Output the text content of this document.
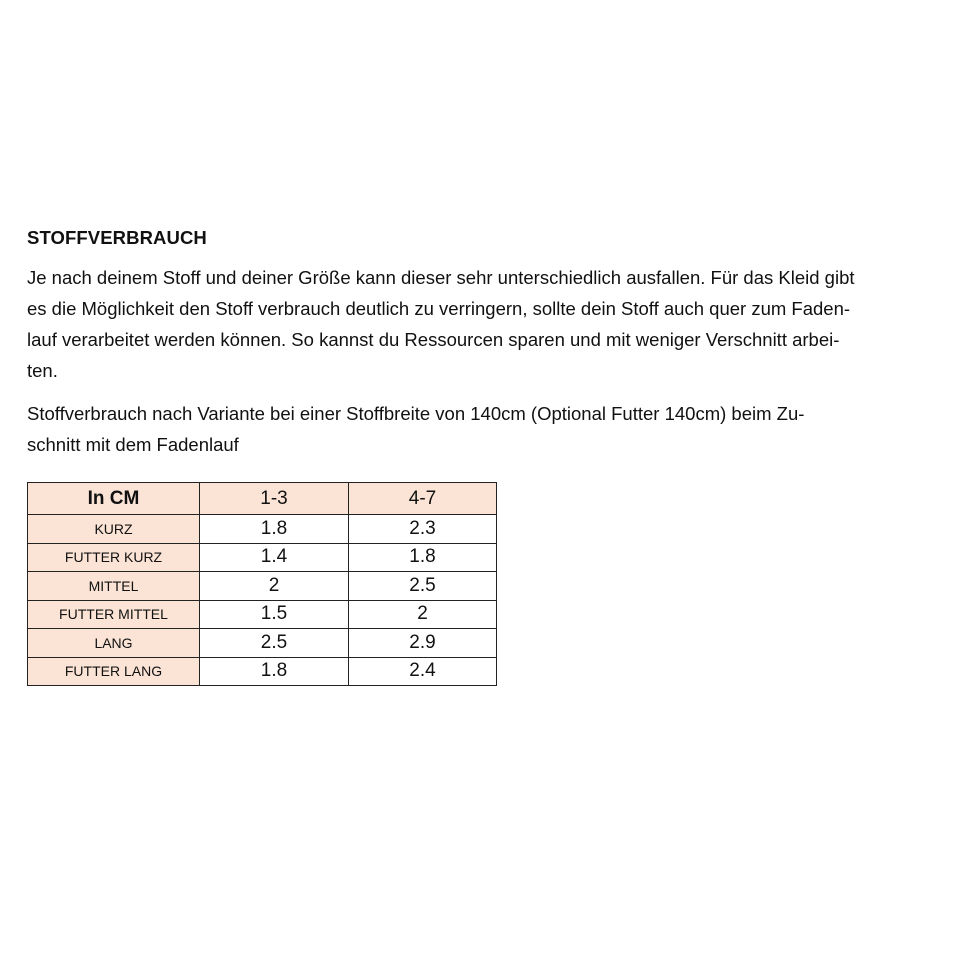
STOFFVERBRAUCH

Je nach deinem Stoff und deiner Größe kann dieser sehr unterschiedlich ausfallen. Für das Kleid gibt
es die Möglichkeit den Stoff verbrauch deutlich zu verringern, sollte dein Stoff auch quer zum Faden-
lauf verarbeitet werden können. So kannst du Ressourcen sparen und mit weniger Verschnitt arbei-
ten.

Stoffverbrauch nach Variante bei einer Stoffbreite von 140cm (Optional Futter 140cm) beim Zu-
schnitt mit dem Fadenlauf

In CM	1-3	4-7
KURZ	1.8	2.3
FUTTER KURZ	1.4	1.8
MITTEL	2	2.5
FUTTER MITTEL	1.5	2
LANG	2.5	2.9
FUTTER LANG	1.8	2.4
